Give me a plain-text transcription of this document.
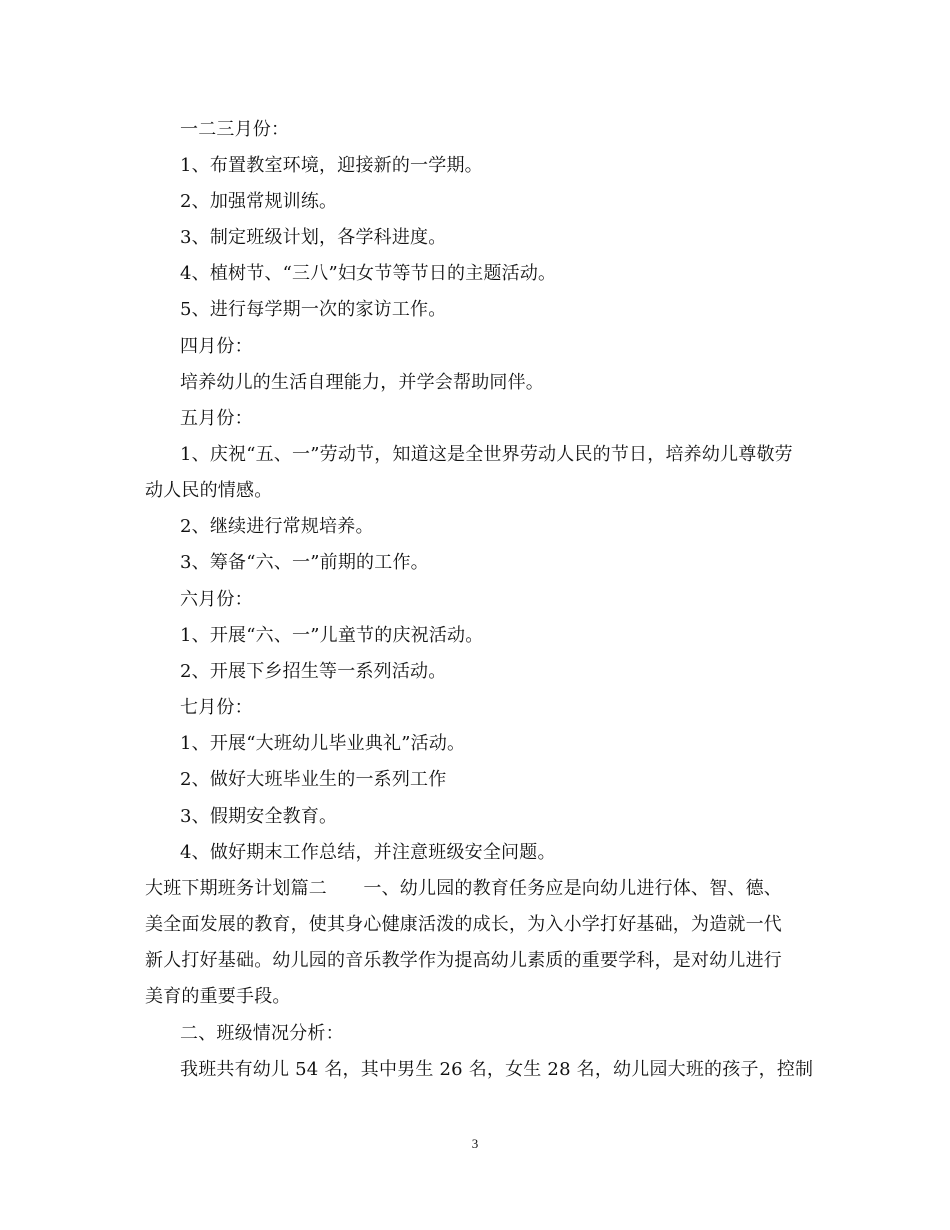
一二三月份：
1、布置教室环境，迎接新的一学期。
2、加强常规训练。
3、制定班级计划，各学科进度。
4、植树节、“三八”妇女节等节日的主题活动。
5、进行每学期一次的家访工作。
四月份：
培养幼儿的生活自理能力，并学会帮助同伴。
五月份：
1、庆祝“五、一”劳动节，知道这是全世界劳动人民的节日，培养幼儿尊敬劳
动人民的情感。
2、继续进行常规培养。
3、筹备“六、一”前期的工作。
六月份：
1、开展“六、一”儿童节的庆祝活动。
2、开展下乡招生等一系列活动。
七月份：
1、开展“大班幼儿毕业典礼”活动。
2、做好大班毕业生的一系列工作
3、假期安全教育。
4、做好期末工作总结，并注意班级安全问题。
大班下期班务计划篇二　　一、幼儿园的教育任务应是向幼儿进行体、智、德、
美全面发展的教育，使其身心健康活泼的成长，为入小学打好基础，为造就一代
新人打好基础。幼儿园的音乐教学作为提高幼儿素质的重要学科，是对幼儿进行
美育的重要手段。
二、班级情况分析：
我班共有幼儿 54 名，其中男生 26 名，女生 28 名，幼儿园大班的孩子，控制
3
